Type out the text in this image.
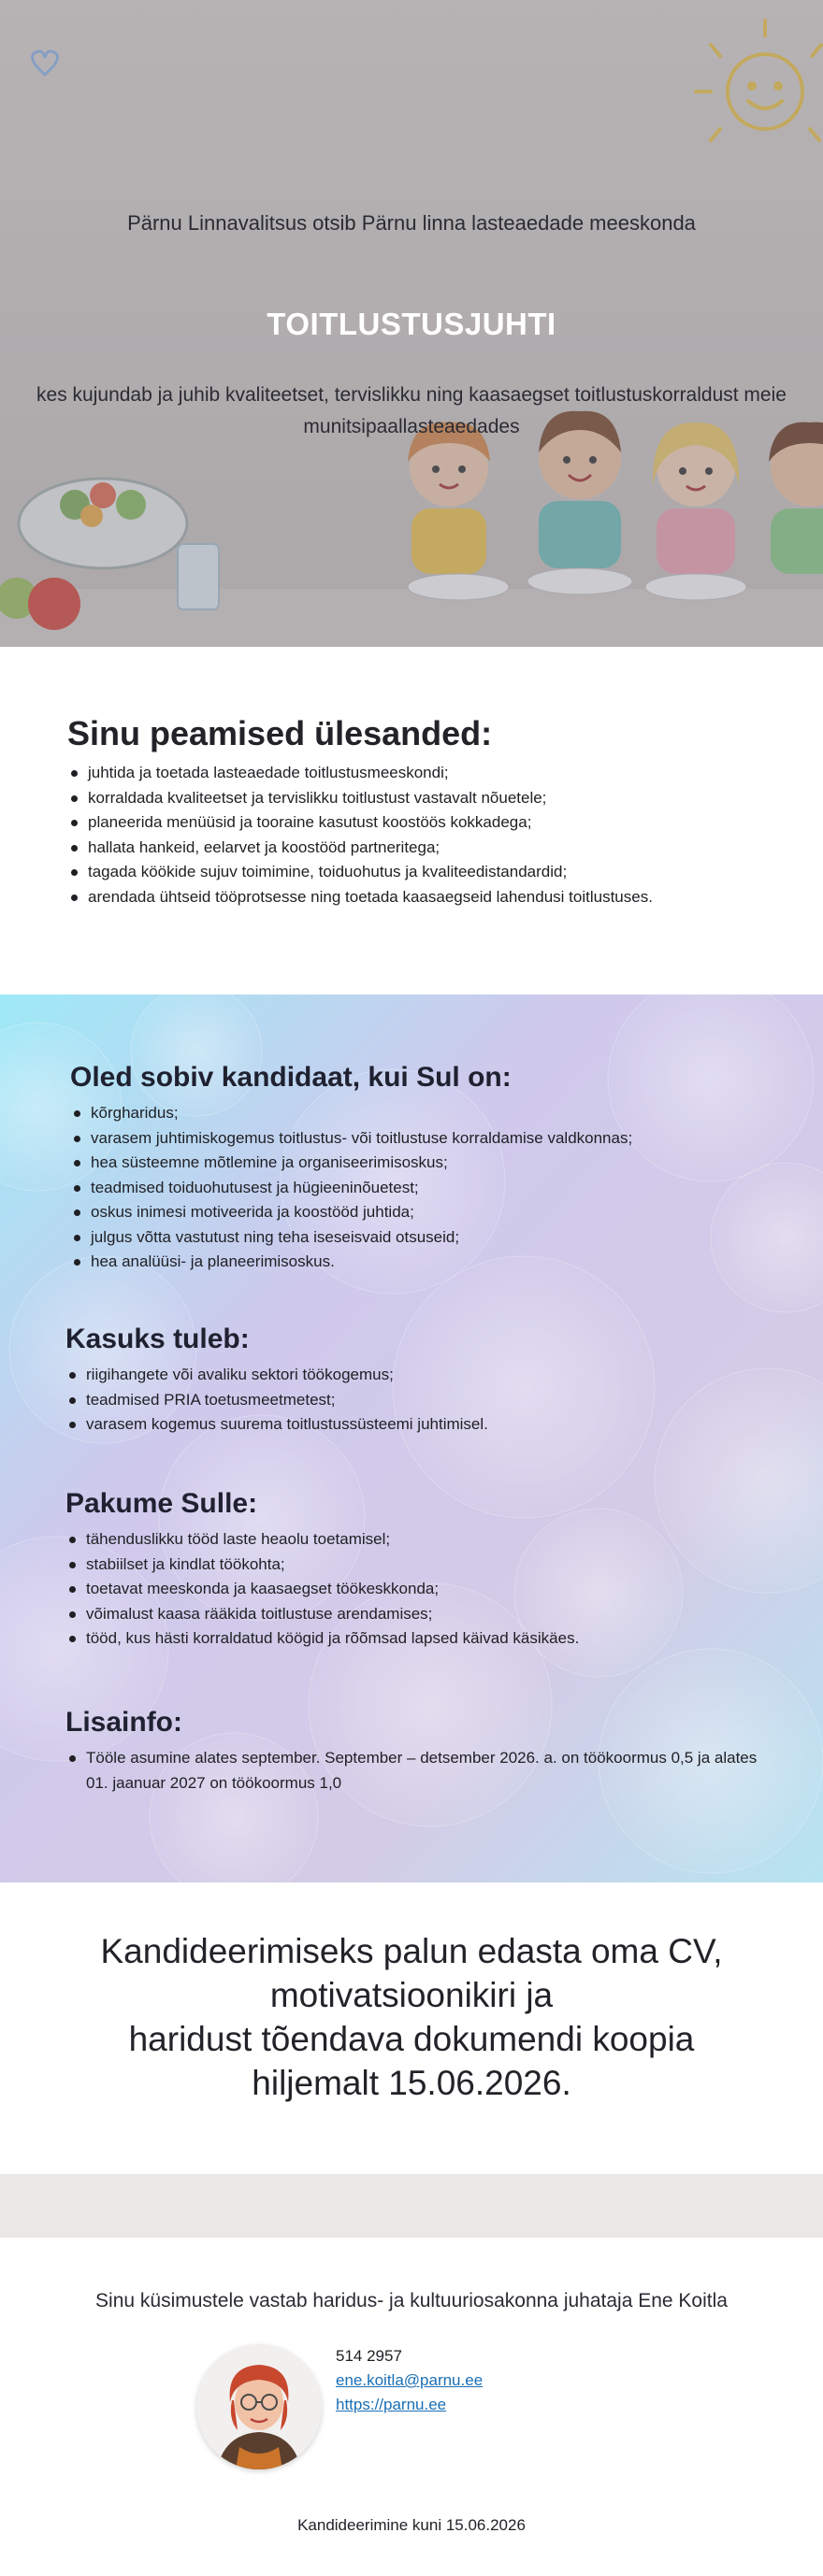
Pärnu Linnavalitsus otsib Pärnu linna lasteaedade meeskonda

TOITLUSTUSJUHTI

kes kujundab ja juhib kvaliteetset, tervislikku ning kaasaegset toitlustuskorraldust meie munitsipaallasteaedades

Sinu peamised ülesanded:
juhtida ja toetada lasteaedade toitlustusmeeskondi;
korraldada kvaliteetset ja tervislikku toitlustust vastavalt nõuetele;
planeerida menüüsid ja tooraine kasutust koostöös kokkadega;
hallata hankeid, eelarvet ja koostööd partneritega;
tagada köökide sujuv toimimine, toiduohutus ja kvaliteedistandardid;
arendada ühtseid tööprotsesse ning toetada kaasaegseid lahendusi toitlustuses.
Oled sobiv kandidaat, kui Sul on:
kõrgharidus;
varasem juhtimiskogemus toitlustus- või toitlustuse korraldamise valdkonnas;
hea süsteemne mõtlemine ja organiseerimisoskus;
teadmised toiduohutusest ja hügieeninõuetest;
oskus inimesi motiveerida ja koostööd juhtida;
julgus võtta vastutust ning teha iseseisvaid otsuseid;
hea analüüsi- ja planeerimisoskus.
Kasuks tuleb:
riigihangete või avaliku sektori töökogemus;
teadmised PRIA toetusmeetmetest;
varasem kogemus suurema toitlustussüsteemi juhtimisel.
Pakume Sulle:
tähenduslikku tööd laste heaolu toetamisel;
stabiilset ja kindlat töökohta;
toetavat meeskonda ja kaasaegset töökeskkonda;
võimalust kaasa rääkida toitlustuse arendamises;
tööd, kus hästi korraldatud köögid ja rõõmsad lapsed käivad käsikäes.
Lisainfo:
Tööle asumine alates september. September – detsember 2026. a. on töökoormus 0,5 ja alates 01. jaanuar 2027 on töökoormus 1,0

Kandideerimiseks palun edasta oma CV,

motivatsioonikiri ja

haridust tõendava dokumendi koopia

hiljemalt 15.06.2026.

Sinu küsimustele vastab haridus- ja kultuuriosakonna juhataja Ene Koitla

514 2957
ene.koitla@parnu.ee
https://parnu.ee

Kandideerimine kuni 15.06.2026
